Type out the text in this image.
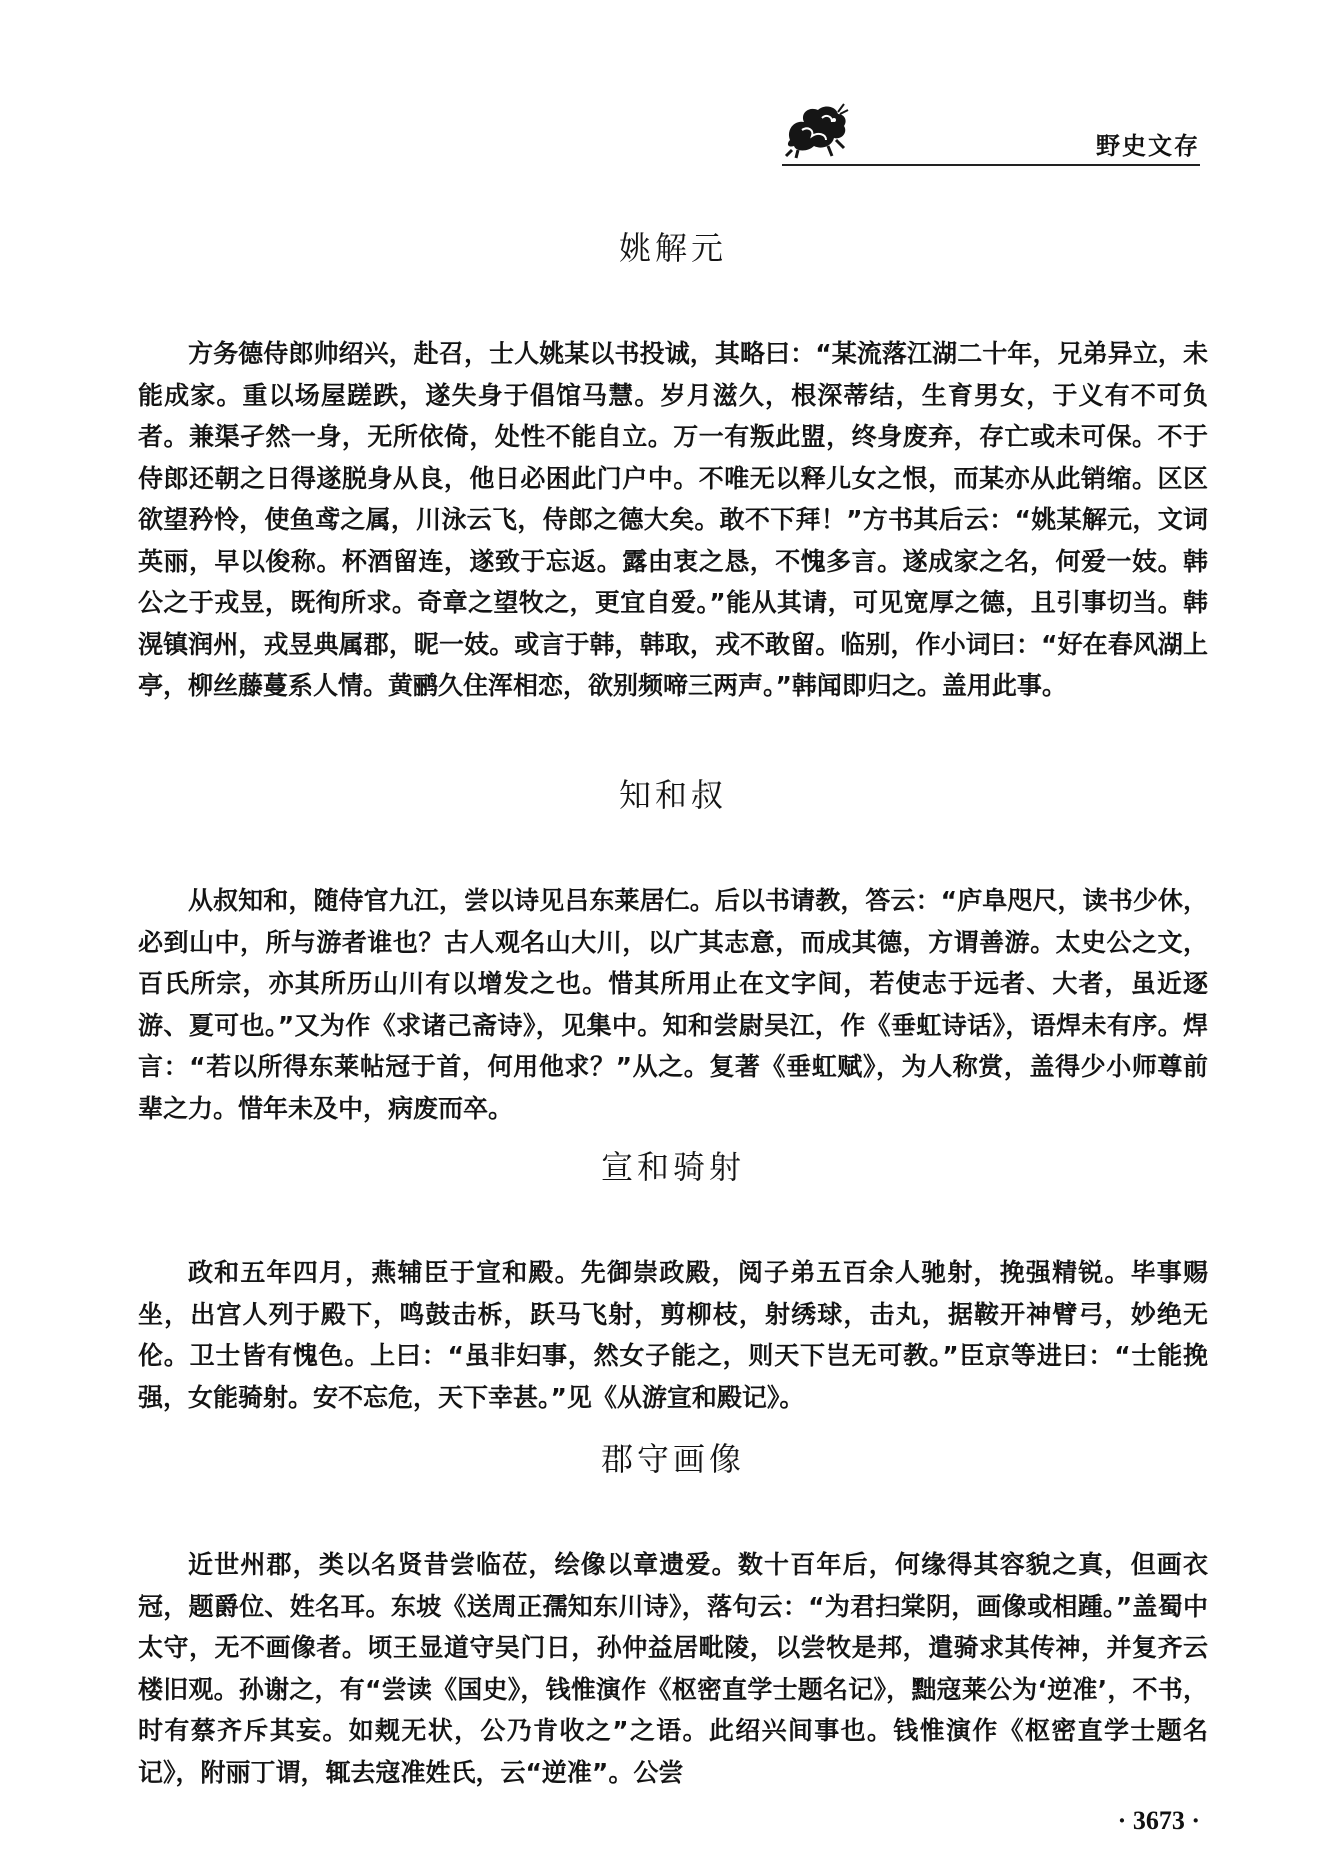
野史文存
姚解元

方务德侍郎帅绍兴，赴召，士人姚某以书投诚，其略曰：“某流落江湖二十年，兄弟异立，未能成家。重以场屋蹉跌，遂失身于倡馆马慧。岁月滋久，根深蒂结，生育男女，于义有不可负者。兼渠孑然一身，无所依倚，处性不能自立。万一有叛此盟，终身废弃，存亡或未可保。不于侍郎还朝之日得遂脱身从良，他日必困此门户中。不唯无以释儿女之恨，而某亦从此销缩。区区欲望矜怜，使鱼鸢之属，川泳云飞，侍郎之德大矣。敢不下拜！”方书其后云：“姚某解元，文词英丽，早以俊称。杯酒留连，遂致于忘返。露由衷之恳，不愧多言。遂成家之名，何爱一妓。韩公之于戎昱，既徇所求。奇章之望牧之，更宜自爱。”能从其请，可见宽厚之德，且引事切当。韩滉镇润州，戎昱典属郡，昵一妓。或言于韩，韩取，戎不敢留。临别，作小词曰：“好在春风湖上亭，柳丝藤蔓系人情。黄鹂久住浑相恋，欲别频啼三两声。”韩闻即归之。盖用此事。

知和叔

从叔知和，随侍官九江，尝以诗见吕东莱居仁。后以书请教，答云：“庐阜咫尺，读书少休，必到山中，所与游者谁也？古人观名山大川，以广其志意，而成其德，方谓善游。太史公之文，百氏所宗，亦其所历山川有以增发之也。惜其所用止在文字间，若使志于远者、大者，虽近逐游、夏可也。”又为作《求诸己斋诗》，见集中。知和尝尉吴江，作《垂虹诗话》，语焊未有序。焊言：“若以所得东莱帖冠于首，何用他求？”从之。复著《垂虹赋》，为人称赏，盖得少小师尊前辈之力。惜年未及中，病废而卒。

宣和骑射

政和五年四月，燕辅臣于宣和殿。先御崇政殿，阅子弟五百余人驰射，挽强精锐。毕事赐坐，出宫人列于殿下，鸣鼓击柝，跃马飞射，剪柳枝，射绣球，击丸，据鞍开神臂弓，妙绝无伦。卫士皆有愧色。上曰：“虽非妇事，然女子能之，则天下岂无可教。”臣京等进曰：“士能挽强，女能骑射。安不忘危，天下幸甚。”见《从游宣和殿记》。

郡守画像

近世州郡，类以名贤昔尝临莅，绘像以章遗爱。数十百年后，何缘得其容貌之真，但画衣冠，题爵位、姓名耳。东坡《送周正孺知东川诗》，落句云：“为君扫棠阴，画像或相踵。”盖蜀中太守，无不画像者。顷王显道守吴门日，孙仲益居毗陵，以尝牧是邦，遣骑求其传神，并复齐云楼旧观。孙谢之，有“尝读《国史》，钱惟演作《枢密直学士题名记》，黜寇莱公为‘逆准’，不书，时有蔡齐斥其妄。如觌无状，公乃肯收之”之语。此绍兴间事也。钱惟演作《枢密直学士题名记》，附丽丁谓，辄去寇准姓氏，云“逆准”。公尝

· 3673 ·
